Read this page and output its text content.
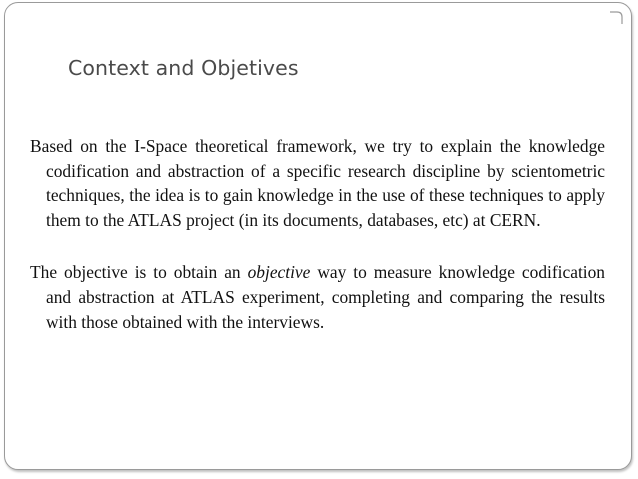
Context and Objetives

Based on the I-Space theoretical framework, we try to explain the knowledge codification and abstraction of a specific research discipline by scientometric techniques, the idea is to gain knowledge in the use of these techniques to apply them to the ATLAS project (in its documents, databases, etc) at CERN.

The objective is to obtain an objective way to measure knowledge codification and abstraction at ATLAS experiment, completing and comparing the results with those obtained with the interviews.
